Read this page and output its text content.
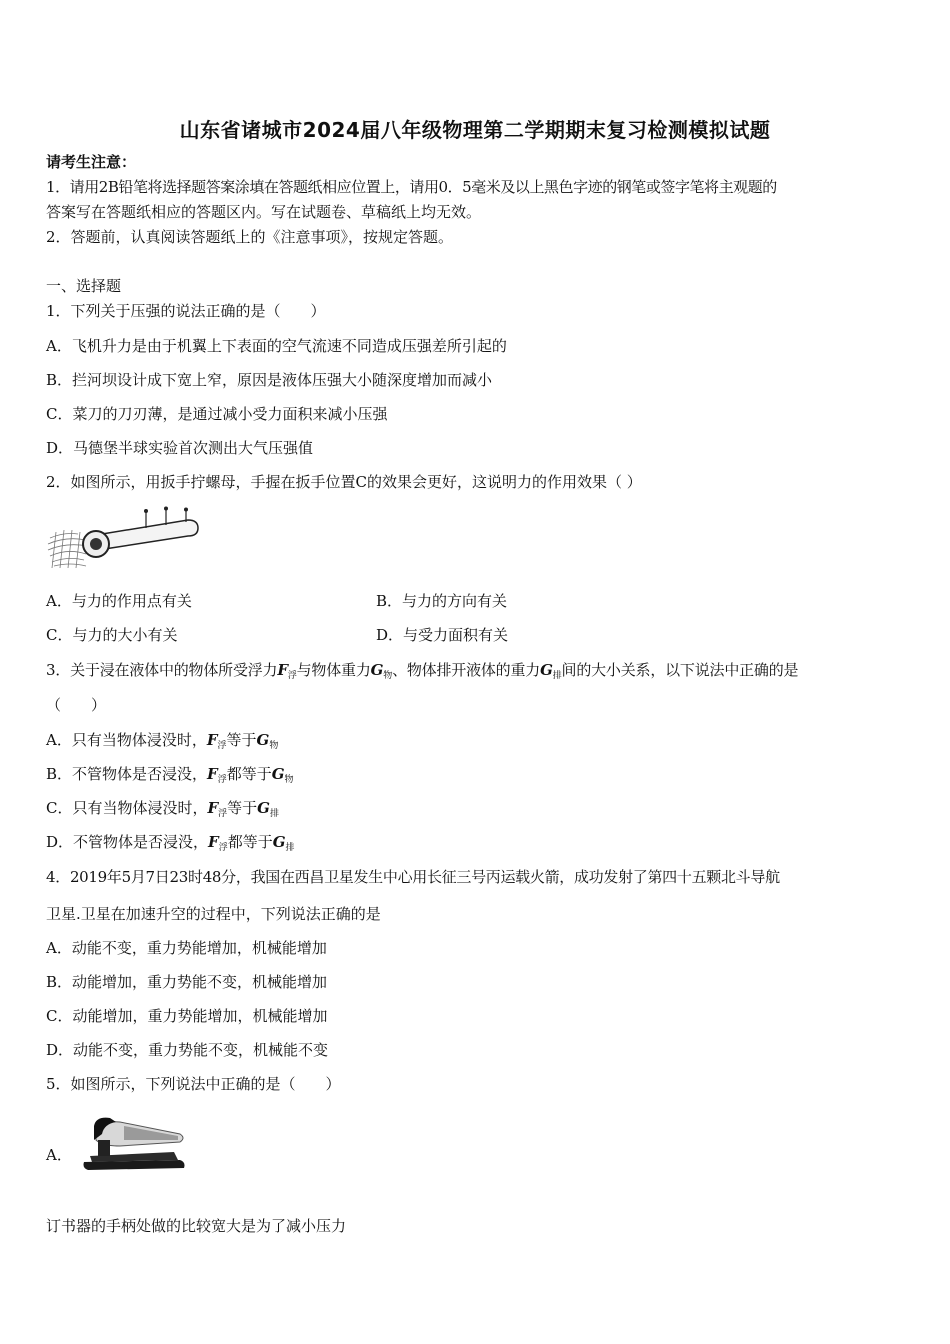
山东省诸城市2024届八年级物理第二学期期末复习检测模拟试题
请考生注意：
1．请用2B铅笔将选择题答案涂填在答题纸相应位置上，请用0．5毫米及以上黑色字迹的钢笔或签字笔将主观题的
答案写在答题纸相应的答题区内。写在试题卷、草稿纸上均无效。
2．答题前，认真阅读答题纸上的《注意事项》，按规定答题。
一、选择题
1．下列关于压强的说法正确的是（　　）
A．飞机升力是由于机翼上下表面的空气流速不同造成压强差所引起的
B．拦河坝设计成下宽上窄，原因是液体压强大小随深度增加而减小
C．菜刀的刀刃薄，是通过减小受力面积来减小压强
D．马德堡半球实验首次测出大气压强值
2．如图所示，用扳手拧螺母，手握在扳手位置C的效果会更好，这说明力的作用效果（ ）
A．与力的作用点有关	B．与力的方向有关
C．与力的大小有关	D．与受力面积有关
3．关于浸在液体中的物体所受浮力$F_浮$与物体重力$G_物$、物体排开液体的重力$G_排$间的大小关系，以下说法中正确的是
（　　）
A．只有当物体浸没时，$F_浮$等于$G_物$
B．不管物体是否浸没，$F_浮$都等于$G_物$
C．只有当物体浸没时，$F_浮$等于$G_排$
D．不管物体是否浸没，$F_浮$都等于$G_排$
4．2019年5月7日23时48分，我国在西昌卫星发生中心用长征三号丙运载火箭，成功发射了第四十五颗北斗导航
卫星.卫星在加速升空的过程中，下列说法正确的是
A．动能不变，重力势能增加，机械能增加
B．动能增加，重力势能不变，机械能增加
C．动能增加，重力势能增加，机械能增加
D．动能不变，重力势能不变，机械能不变
5．如图所示，下列说法中正确的是（　　）
A．
订书器的手柄处做的比较宽大是为了减小压力
